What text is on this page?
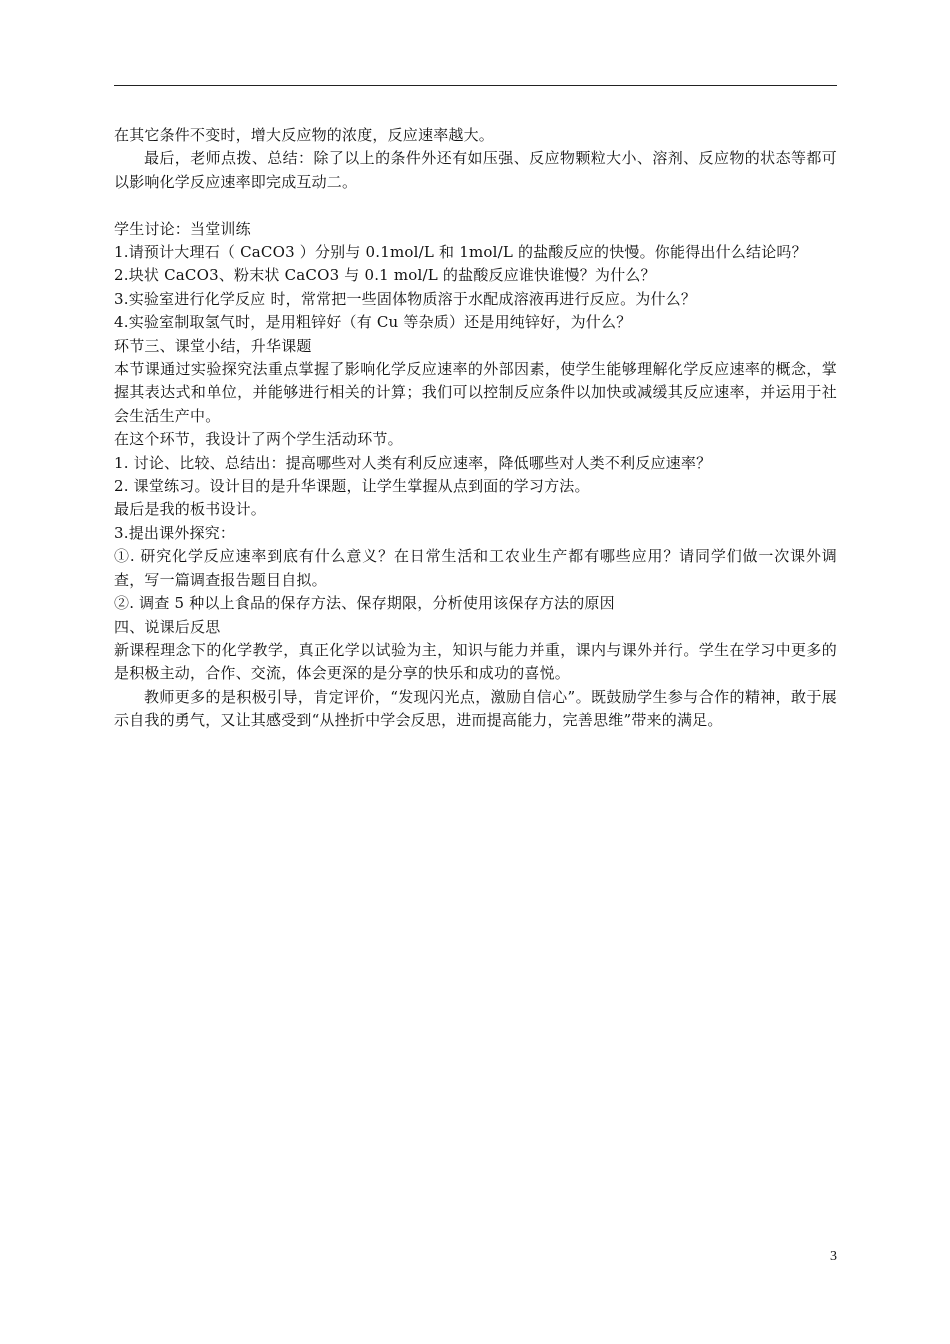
在其它条件不变时，增大反应物的浓度，反应速率越大。

最后，老师点拨、总结：除了以上的条件外还有如压强、反应物颗粒大小、溶剂、反应物的状态等都可以影响化学反应速率即完成互动二。

学生讨论：当堂训练

1.请预计大理石（ CaCO3 ）分别与 0.1mol/L 和 1mol/L 的盐酸反应的快慢。你能得出什么结论吗？

2.块状 CaCO3、粉末状 CaCO3 与 0.1 mol/L 的盐酸反应谁快谁慢？为什么？

3.实验室进行化学反应 时，常常把一些固体物质溶于水配成溶液再进行反应。为什么？

4.实验室制取氢气时，是用粗锌好（有 Cu 等杂质）还是用纯锌好，为什么？

环节三、课堂小结，升华课题

本节课通过实验探究法重点掌握了影响化学反应速率的外部因素，使学生能够理解化学反应速率的概念，掌握其表达式和单位，并能够进行相关的计算；我们可以控制反应条件以加快或减缓其反应速率，并运用于社会生活生产中。

在这个环节，我设计了两个学生活动环节。

1. 讨论、比较、总结出：提高哪些对人类有利反应速率，降低哪些对人类不利反应速率？

2. 课堂练习。设计目的是升华课题，让学生掌握从点到面的学习方法。

最后是我的板书设计。

3.提出课外探究：

①. 研究化学反应速率到底有什么意义？在日常生活和工农业生产都有哪些应用？请同学们做一次课外调查，写一篇调查报告题目自拟。

②. 调查 5 种以上食品的保存方法、保存期限，分析使用该保存方法的原因

四、说课后反思

新课程理念下的化学教学，真正化学以试验为主，知识与能力并重，课内与课外并行。学生在学习中更多的是积极主动，合作、交流，体会更深的是分享的快乐和成功的喜悦。

教师更多的是积极引导，肯定评价，“发现闪光点，激励自信心”。既鼓励学生参与合作的精神，敢于展示自我的勇气，又让其感受到“从挫折中学会反思，进而提高能力，完善思维”带来的满足。

3
